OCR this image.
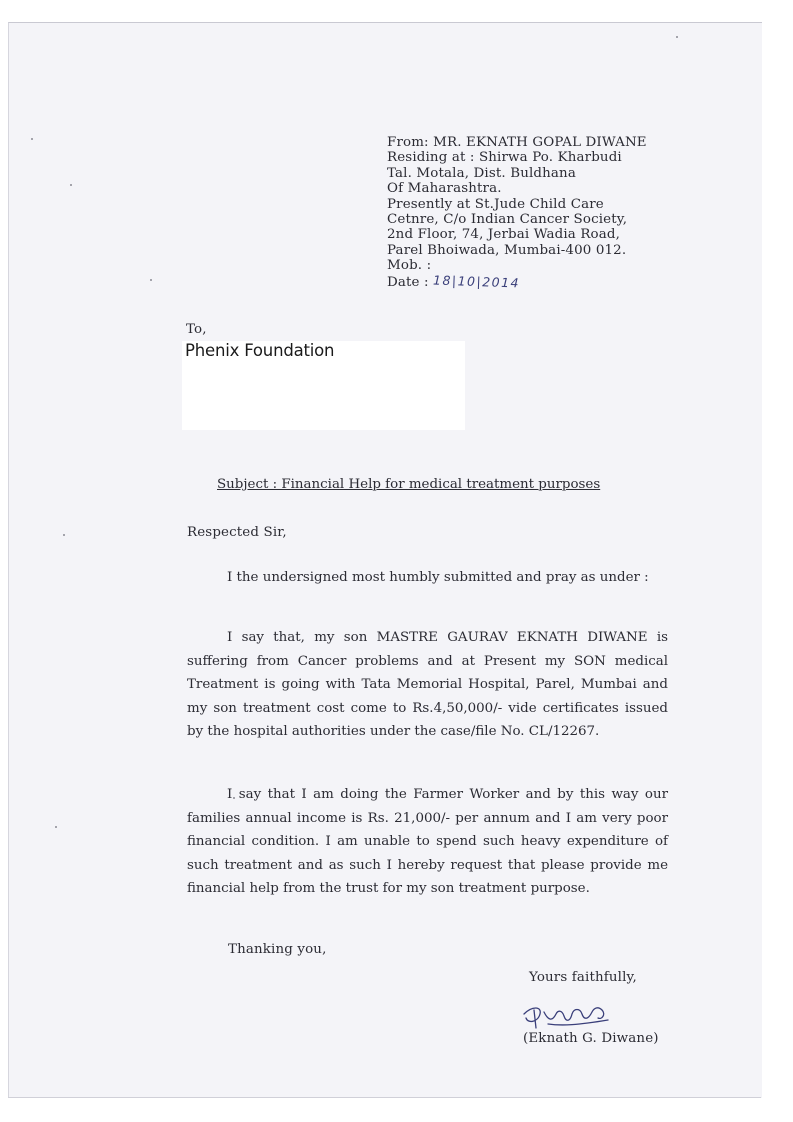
From: MR. EKNATH GOPAL DIWANE
Residing at : Shirwa Po. Kharbudi
Tal. Motala, Dist. Buldhana
Of Maharashtra.
Presently at St.Jude Child Care
Cetnre, C/o Indian Cancer Society,
2nd Floor, 74, Jerbai Wadia Road,
Parel Bhoiwada, Mumbai-400 012.
Mob. :
Date : 18|10|2014
To,
Phenix Foundation
Subject : Financial Help for medical treatment purposes
Respected Sir,
I the undersigned most humbly submitted and pray as under :
I say that, my son MASTRE GAURAV EKNATH DIWANE is suffering from Cancer problems and at Present my SON medical Treatment is going with Tata Memorial Hospital, Parel, Mumbai and my son treatment cost come to Rs.4,50,000/- vide certificates issued by the hospital authorities under the case/file No. CL/12267.
I say that I am doing the Farmer Worker and by this way our families annual income is Rs. 21,000/- per annum and I am very poor financial condition. I am unable to spend such heavy expenditure of such treatment and as such I hereby request that please provide me financial help from the trust for my son treatment purpose.
Thanking you,
Yours faithfully,
(Eknath G. Diwane)
